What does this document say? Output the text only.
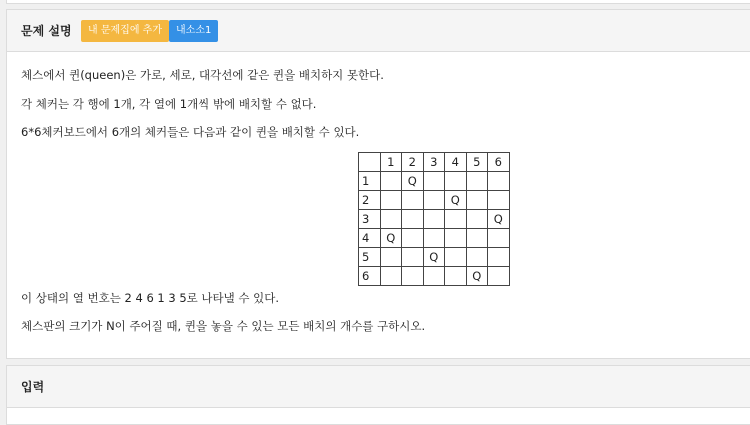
문제 설명	내 문제집에 추가	내소소1
체스에서 퀸(queen)은 가로, 세로, 대각선에 같은 퀸을 배치하지 못한다.
각 체커는 각 행에 1개, 각 열에 1개씩 밖에 배치할 수 없다.
6*6체커보드에서 6개의 체커들은 다음과 같이 퀸을 배치할 수 있다.
	1	2	3	4	5	6
1		Q				
2				Q		
3						Q
4	Q					
5			Q			
6					Q	
이 상태의 열 번호는 2 4 6 1 3 5로 나타낼 수 있다.
체스판의 크기가 N이 주어질 때, 퀸을 놓을 수 있는 모든 배치의 개수를 구하시오.
입력
